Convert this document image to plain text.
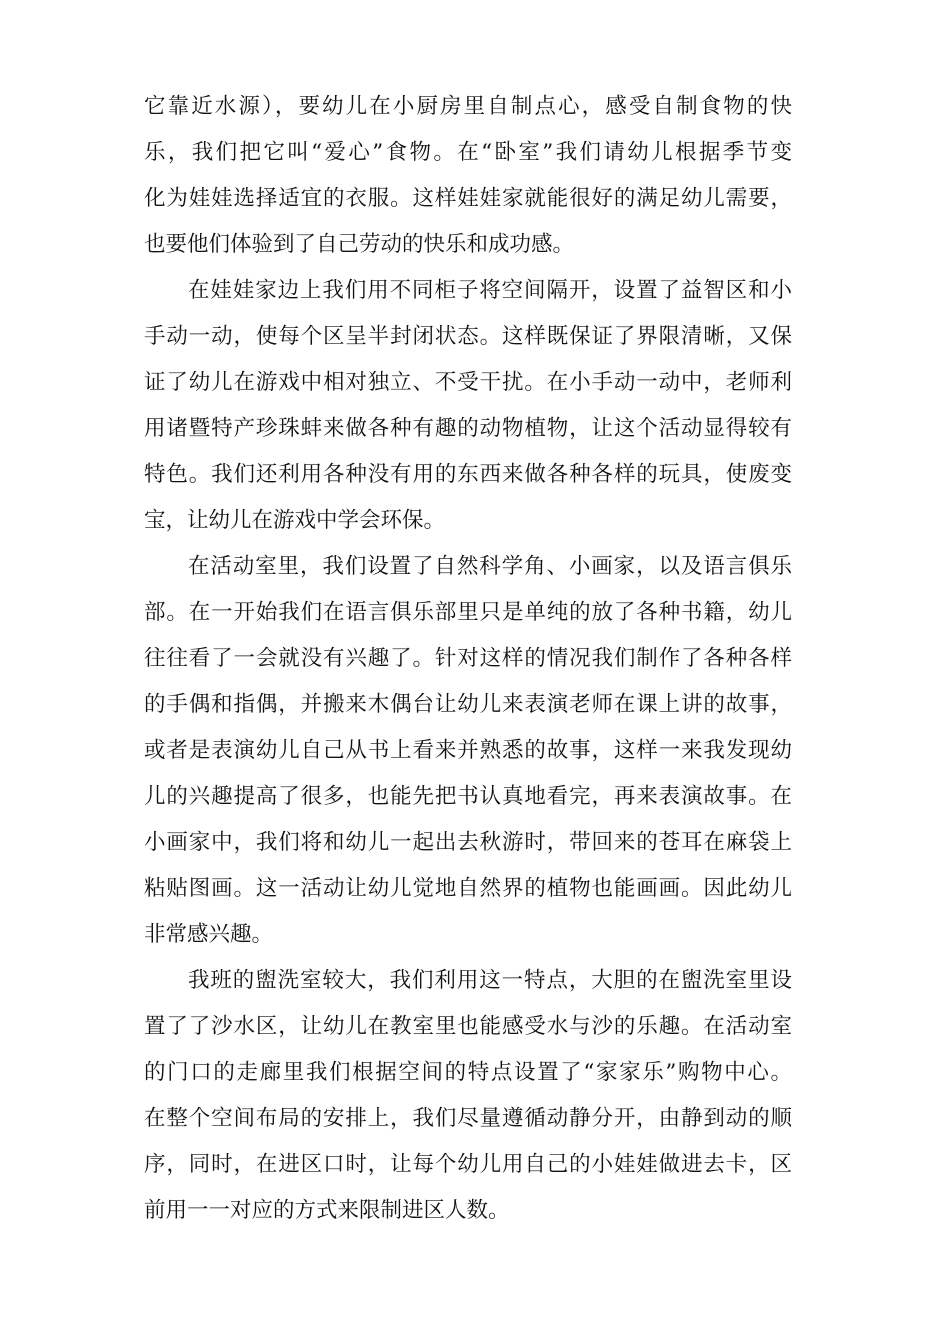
它靠近水源），要幼儿在小厨房里自制点心，感受自制食物的快
乐，我们把它叫“爱心”食物。在“卧室”我们请幼儿根据季节变
化为娃娃选择适宜的衣服。这样娃娃家就能很好的满足幼儿需要，
也要他们体验到了自己劳动的快乐和成功感。
在娃娃家边上我们用不同柜子将空间隔开，设置了益智区和小
手动一动，使每个区呈半封闭状态。这样既保证了界限清晰，又保
证了幼儿在游戏中相对独立、不受干扰。在小手动一动中，老师利
用诸暨特产珍珠蚌来做各种有趣的动物植物，让这个活动显得较有
特色。我们还利用各种没有用的东西来做各种各样的玩具，使废变
宝，让幼儿在游戏中学会环保。
在活动室里，我们设置了自然科学角、小画家，以及语言俱乐
部。在一开始我们在语言俱乐部里只是单纯的放了各种书籍，幼儿
往往看了一会就没有兴趣了。针对这样的情况我们制作了各种各样
的手偶和指偶，并搬来木偶台让幼儿来表演老师在课上讲的故事，
或者是表演幼儿自己从书上看来并熟悉的故事，这样一来我发现幼
儿的兴趣提高了很多，也能先把书认真地看完，再来表演故事。在
小画家中，我们将和幼儿一起出去秋游时，带回来的苍耳在麻袋上
粘贴图画。这一活动让幼儿觉地自然界的植物也能画画。因此幼儿
非常感兴趣。
我班的盥洗室较大，我们利用这一特点，大胆的在盥洗室里设
置了了沙水区，让幼儿在教室里也能感受水与沙的乐趣。在活动室
的门口的走廊里我们根据空间的特点设置了“家家乐”购物中心。
在整个空间布局的安排上，我们尽量遵循动静分开，由静到动的顺
序，同时，在进区口时，让每个幼儿用自己的小娃娃做进去卡，区
前用一一对应的方式来限制进区人数。
